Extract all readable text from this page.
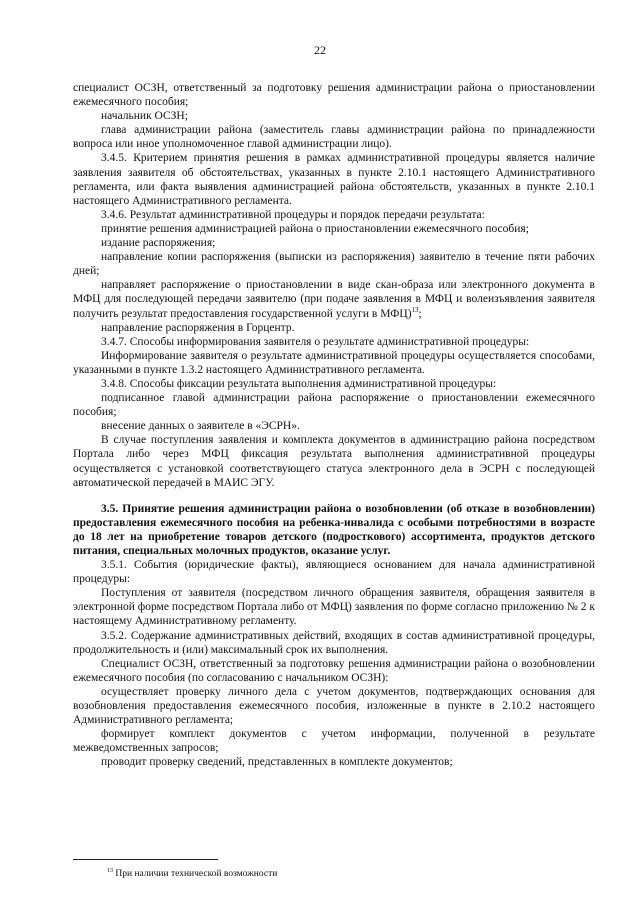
22

специалист ОСЗН, ответственный за подготовку решения администрации района о приостановлении ежемесячного пособия;

начальник ОСЗН;

глава администрации района (заместитель главы администрации района по принадлежности вопроса или иное уполномоченное главой администрации лицо).

3.4.5. Критерием принятия решения в рамках административной процедуры является наличие заявления заявителя об обстоятельствах, указанных в пункте 2.10.1 настоящего Административного регламента, или факта выявления администрацией района обстоятельств, указанных в пункте 2.10.1 настоящего Административного регламента.

3.4.6. Результат административной процедуры и порядок передачи результата:

принятие решения администрацией района о приостановлении ежемесячного пособия;

издание распоряжения;

направление копии распоряжения (выписки из распоряжения) заявителю в течение пяти рабочих дней;

направляет распоряжение о приостановлении в виде скан-образа или электронного документа в МФЦ для последующей передачи заявителю (при подаче заявления в МФЦ и волеизъявления заявителя получить результат предоставления государственной услуги в МФЦ)$^{13}$;

направление распоряжения в Горцентр.

3.4.7. Способы информирования заявителя о результате административной процедуры:

Информирование заявителя о результате административной процедуры осуществляется способами, указанными в пункте 1.3.2 настоящего Административного регламента.

3.4.8. Способы фиксации результата выполнения административной процедуры:

подписанное главой администрации района распоряжение о приостановлении ежемесячного пособия;

внесение данных о заявителе в «ЭСРН».

В случае поступления заявления и комплекта документов в администрацию района посредством Портала либо через МФЦ фиксация результата выполнения административной процедуры осуществляется с установкой соответствующего статуса электронного дела в ЭСРН с последующей автоматической передачей в МАИС ЭГУ.

3.5. Принятие решения администрации района о возобновлении (об отказе в возобновлении) предоставления ежемесячного пособия на ребенка-инвалида с особыми потребностями в возрасте до 18 лет на приобретение товаров детского (подросткового) ассортимента, продуктов детского питания, специальных молочных продуктов, оказание услуг.

3.5.1. События (юридические факты), являющиеся основанием для начала административной процедуры:

Поступления от заявителя (посредством личного обращения заявителя, обращения заявителя в электронной форме посредством Портала либо от МФЦ) заявления по форме согласно приложению № 2 к настоящему Административному регламенту.

3.5.2. Содержание административных действий, входящих в состав административной процедуры, продолжительность и (или) максимальный срок их выполнения.

Специалист ОСЗН, ответственный за подготовку решения администрации района о возобновлении ежемесячного пособия (по согласованию с начальником ОСЗН):

осуществляет проверку личного дела с учетом документов, подтверждающих основания для возобновления предоставления ежемесячного пособия, изложенные в пункте в 2.10.2 настоящего Административного регламента;

формирует комплект документов с учетом информации, полученной в результате межведомственных запросов;

проводит проверку сведений, представленных в комплекте документов;

$^{13}$ При наличии технической возможности
